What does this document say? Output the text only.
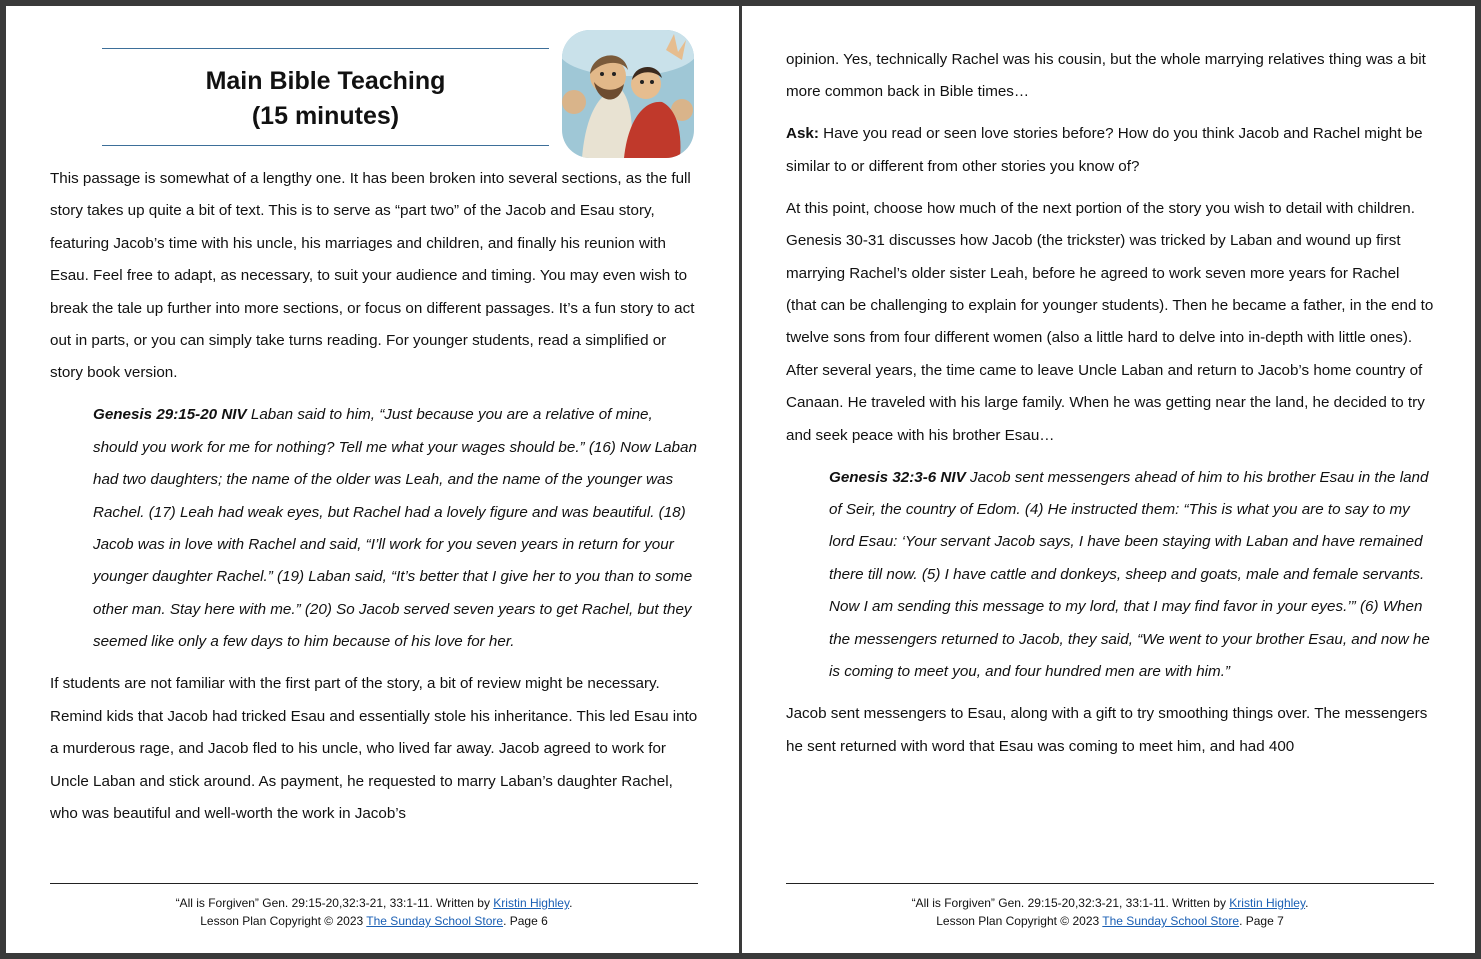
Main Bible Teaching
(15 minutes)

This passage is somewhat of a lengthy one. It has been broken into several sections, as the full story takes up quite a bit of text. This is to serve as “part two” of the Jacob and Esau story, featuring Jacob’s time with his uncle, his marriages and children, and finally his reunion with Esau. Feel free to adapt, as necessary, to suit your audience and timing. You may even wish to break the tale up further into more sections, or focus on different passages. It’s a fun story to act out in parts, or you can simply take turns reading. For younger students, read a simplified or story book version.

Genesis 29:15-20 NIV Laban said to him, “Just because you are a relative of mine, should you work for me for nothing? Tell me what your wages should be.” (16) Now Laban had two daughters; the name of the older was Leah, and the name of the younger was Rachel. (17) Leah had weak eyes, but Rachel had a lovely figure and was beautiful. (18) Jacob was in love with Rachel and said, “I’ll work for you seven years in return for your younger daughter Rachel.” (19) Laban said, “It’s better that I give her to you than to some other man. Stay here with me.” (20) So Jacob served seven years to get Rachel, but they seemed like only a few days to him because of his love for her.

If students are not familiar with the first part of the story, a bit of review might be necessary. Remind kids that Jacob had tricked Esau and essentially stole his inheritance. This led Esau into a murderous rage, and Jacob fled to his uncle, who lived far away. Jacob agreed to work for Uncle Laban and stick around. As payment, he requested to marry Laban’s daughter Rachel, who was beautiful and well-worth the work in Jacob’s

“All is Forgiven” Gen. 29:15-20,32:3-21, 33:1-11. Written by Kristin Highley.
Lesson Plan Copyright © 2023 The Sunday School Store. Page 6

opinion. Yes, technically Rachel was his cousin, but the whole marrying relatives thing was a bit more common back in Bible times…

Ask: Have you read or seen love stories before? How do you think Jacob and Rachel might be similar to or different from other stories you know of?

At this point, choose how much of the next portion of the story you wish to detail with children. Genesis 30-31 discusses how Jacob (the trickster) was tricked by Laban and wound up first marrying Rachel’s older sister Leah, before he agreed to work seven more years for Rachel (that can be challenging to explain for younger students). Then he became a father, in the end to twelve sons from four different women (also a little hard to delve into in-depth with little ones). After several years, the time came to leave Uncle Laban and return to Jacob’s home country of Canaan. He traveled with his large family. When he was getting near the land, he decided to try and seek peace with his brother Esau…

Genesis 32:3-6 NIV Jacob sent messengers ahead of him to his brother Esau in the land of Seir, the country of Edom. (4) He instructed them: “This is what you are to say to my lord Esau: ‘Your servant Jacob says, I have been staying with Laban and have remained there till now. (5) I have cattle and donkeys, sheep and goats, male and female servants. Now I am sending this message to my lord, that I may find favor in your eyes.’” (6) When the messengers returned to Jacob, they said, “We went to your brother Esau, and now he is coming to meet you, and four hundred men are with him.”

Jacob sent messengers to Esau, along with a gift to try smoothing things over. The messengers he sent returned with word that Esau was coming to meet him, and had 400

“All is Forgiven” Gen. 29:15-20,32:3-21, 33:1-11. Written by Kristin Highley.
Lesson Plan Copyright © 2023 The Sunday School Store. Page 7
